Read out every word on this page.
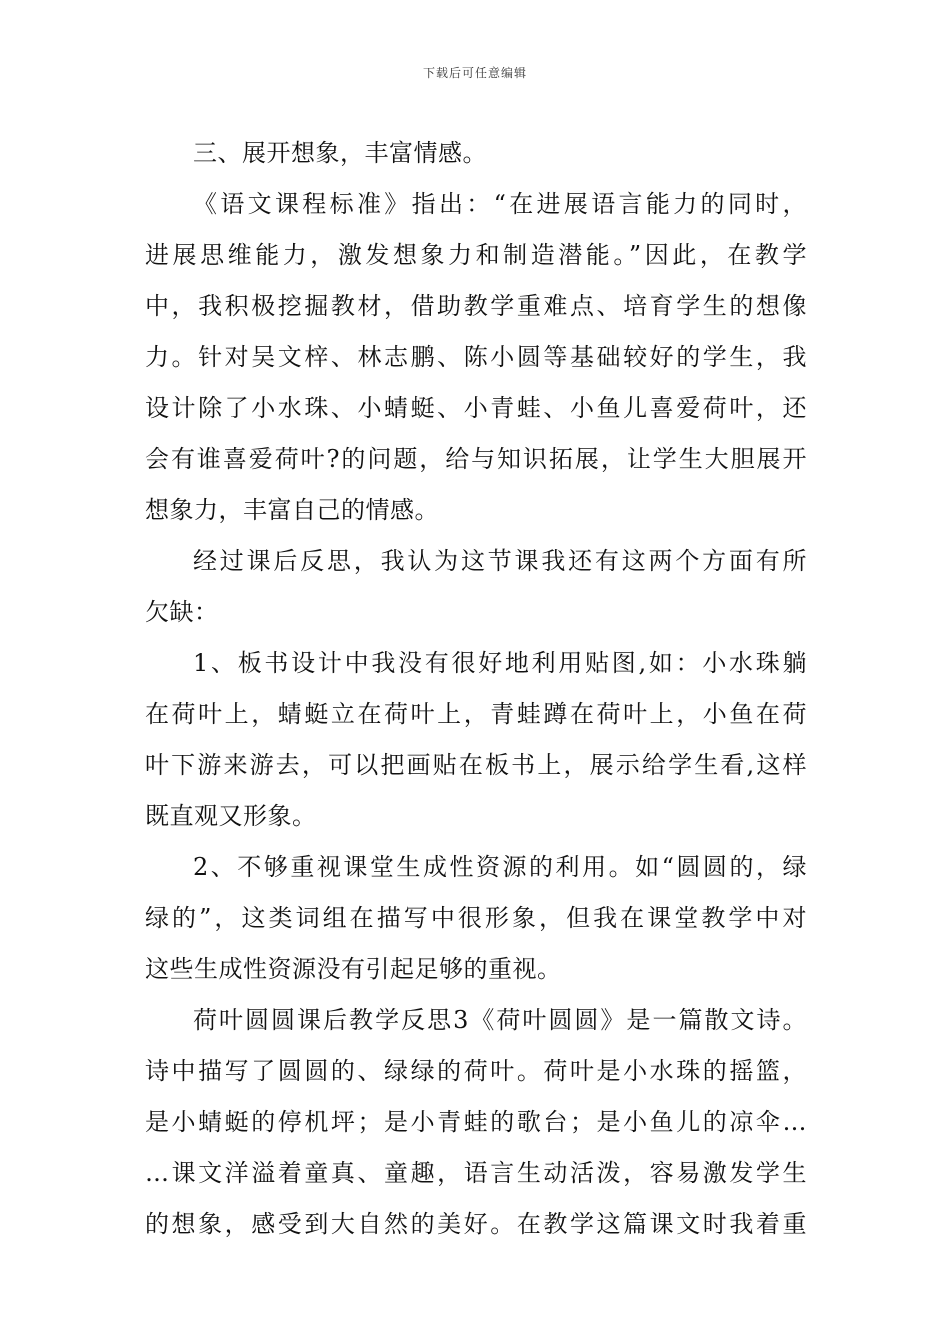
下载后可任意编辑
三、展开想象，丰富情感。
《语文课程标准》指出：“在进展语言能力的同时，
进展思维能力，激发想象力和制造潜能。”因此，在教学
中，我积极挖掘教材，借助教学重难点、培育学生的想像
力。针对吴文梓、林志鹏、陈小圆等基础较好的学生，我
设计除了小水珠、小蜻蜓、小青蛙、小鱼儿喜爱荷叶，还
会有谁喜爱荷叶?的问题，给与知识拓展，让学生大胆展开
想象力，丰富自己的情感。
经过课后反思，我认为这节课我还有这两个方面有所
欠缺：
1、板书设计中我没有很好地利用贴图,如：小水珠躺
在荷叶上，蜻蜓立在荷叶上，青蛙蹲在荷叶上，小鱼在荷
叶下游来游去，可以把画贴在板书上，展示给学生看,这样
既直观又形象。
2、不够重视课堂生成性资源的利用。如“圆圆的，绿
绿的”，这类词组在描写中很形象，但我在课堂教学中对
这些生成性资源没有引起足够的重视。
荷叶圆圆课后教学反思3《荷叶圆圆》是一篇散文诗。
诗中描写了圆圆的、绿绿的荷叶。荷叶是小水珠的摇篮，
是小蜻蜓的停机坪；是小青蛙的歌台；是小鱼儿的凉伞…
…课文洋溢着童真、童趣，语言生动活泼，容易激发学生
的想象，感受到大自然的美好。在教学这篇课文时我着重
